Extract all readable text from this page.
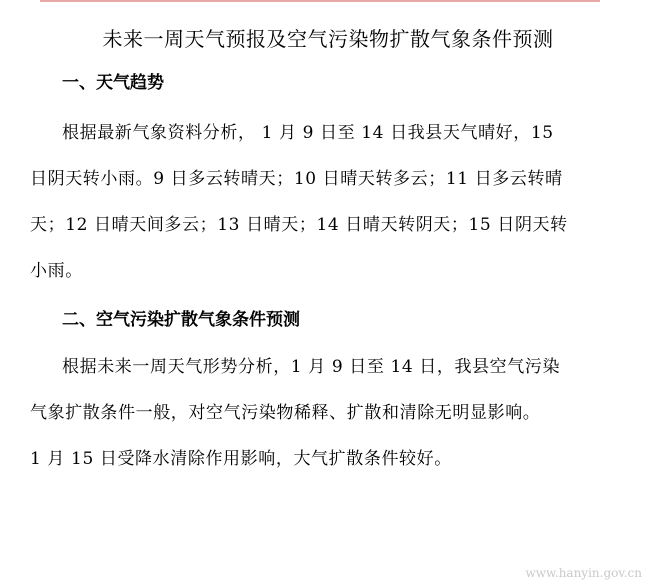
未来一周天气预报及空气污染物扩散气象条件预测
一、天气趋势
根据最新气象资料分析， 1 月 9 日至 14 日我县天气晴好，15
日阴天转小雨。9 日多云转晴天；10 日晴天转多云；11 日多云转晴
天；12 日晴天间多云；13 日晴天；14 日晴天转阴天；15 日阴天转
小雨。
二、空气污染扩散气象条件预测
根据未来一周天气形势分析，1 月 9 日至 14 日，我县空气污染
气象扩散条件一般，对空气污染物稀释、扩散和清除无明显影响。
1 月 15 日受降水清除作用影响，大气扩散条件较好。
www.hanyin.gov.cn
